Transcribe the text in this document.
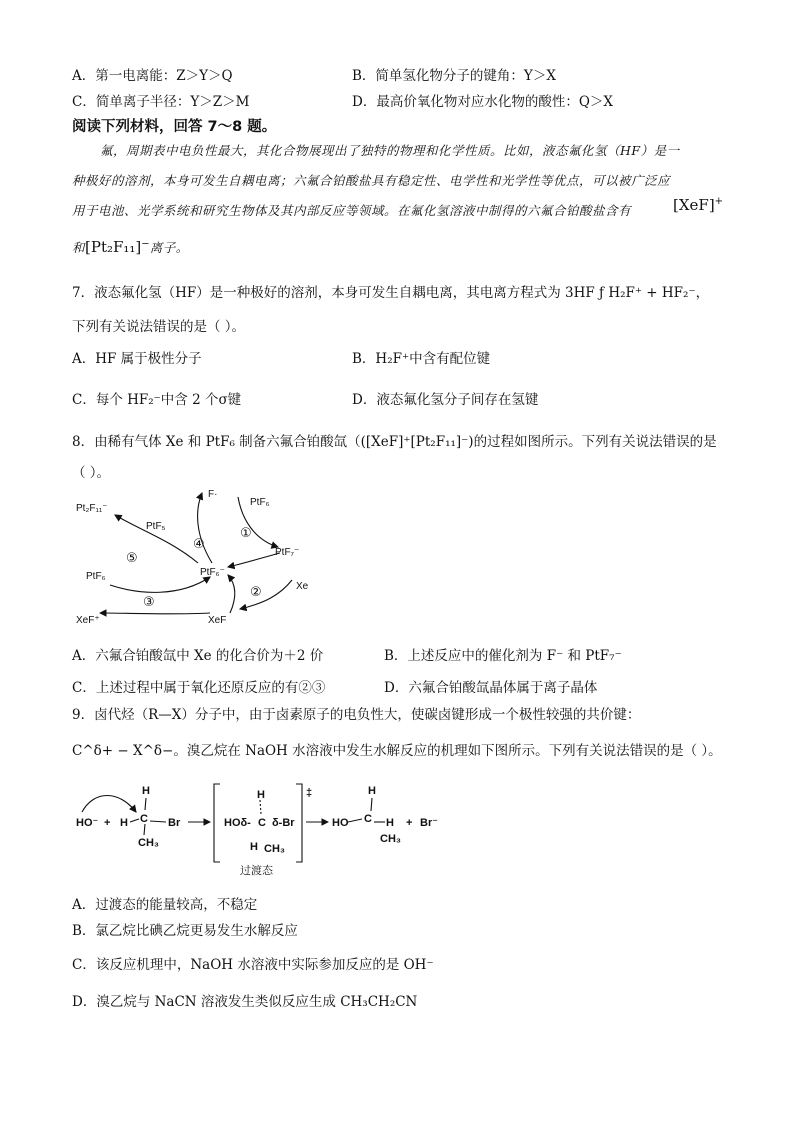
A．第一电离能：Z＞Y＞Q	B．简单氢化物分子的键角：Y＞X
C．简单离子半径：Y＞Z＞M	D．最高价氧化物对应水化物的酸性：Q＞X
阅读下列材料，回答 7～8 题。
氟，周期表中电负性最大，其化合物展现出了独特的物理和化学性质。比如，液态氟化氢（HF）是一
种极好的溶剂，本身可发生自耦电离；六氟合铂酸盐具有稳定性、电学性和光学性等优点，可以被广泛应
用于电池、光学系统和研究生物体及其内部反应等领域。在氟化氢溶液中制得的六氟合铂酸盐含有	[XeF]+
和[Pt₂F₁₁]−离子。
7．液态氟化氢（HF）是一种极好的溶剂，本身可发生自耦电离，其电离方程式为 3HF ƒ H₂F⁺ + HF₂⁻，
下列有关说法错误的是（ ）。
A．HF 属于极性分子	B．H₂F⁺中含有配位键
C．每个 HF₂⁻中含 2 个σ键	D．液态氟化氢分子间存在氢键
8．由稀有气体 Xe 和 PtF₆ 制备六氟合铂酸氙（([XeF]⁺[Pt₂F₁₁]⁻)的过程如图所示。下列有关说法错误的是
（ ）。
Pt₂F₁₁⁻
PtF₅
F·
PtF₆
PtF₇⁻
PtF₆⁻
PtF₆
Xe
XeF⁺	XeF
①
②
③
④
⑤
A．六氟合铂酸氙中 Xe 的化合价为＋2 价	B．上述反应中的催化剂为 F⁻ 和 PtF₇⁻
C．上述过程中属于氧化还原反应的有②③	D．六氟合铂酸氙晶体属于离子晶体
9．卤代烃（R—X）分子中，由于卤素原子的电负性大，使碳卤键形成一个极性较强的共价键：
C^δ+ − X^δ−。溴乙烷在 NaOH 水溶液中发生水解反应的机理如下图所示。下列有关说法错误的是（ ）。
HO⁻ + H
H
C Br
CH₃
HOδ- C δ-Br
H
H CH₃
‡
HO C
H
H
CH₃
+ Br⁻
过渡态
A．过渡态的能量较高，不稳定
B．氯乙烷比碘乙烷更易发生水解反应
C．该反应机理中，NaOH 水溶液中实际参加反应的是 OH⁻
D．溴乙烷与 NaCN 溶液发生类似反应生成 CH₃CH₂CN
